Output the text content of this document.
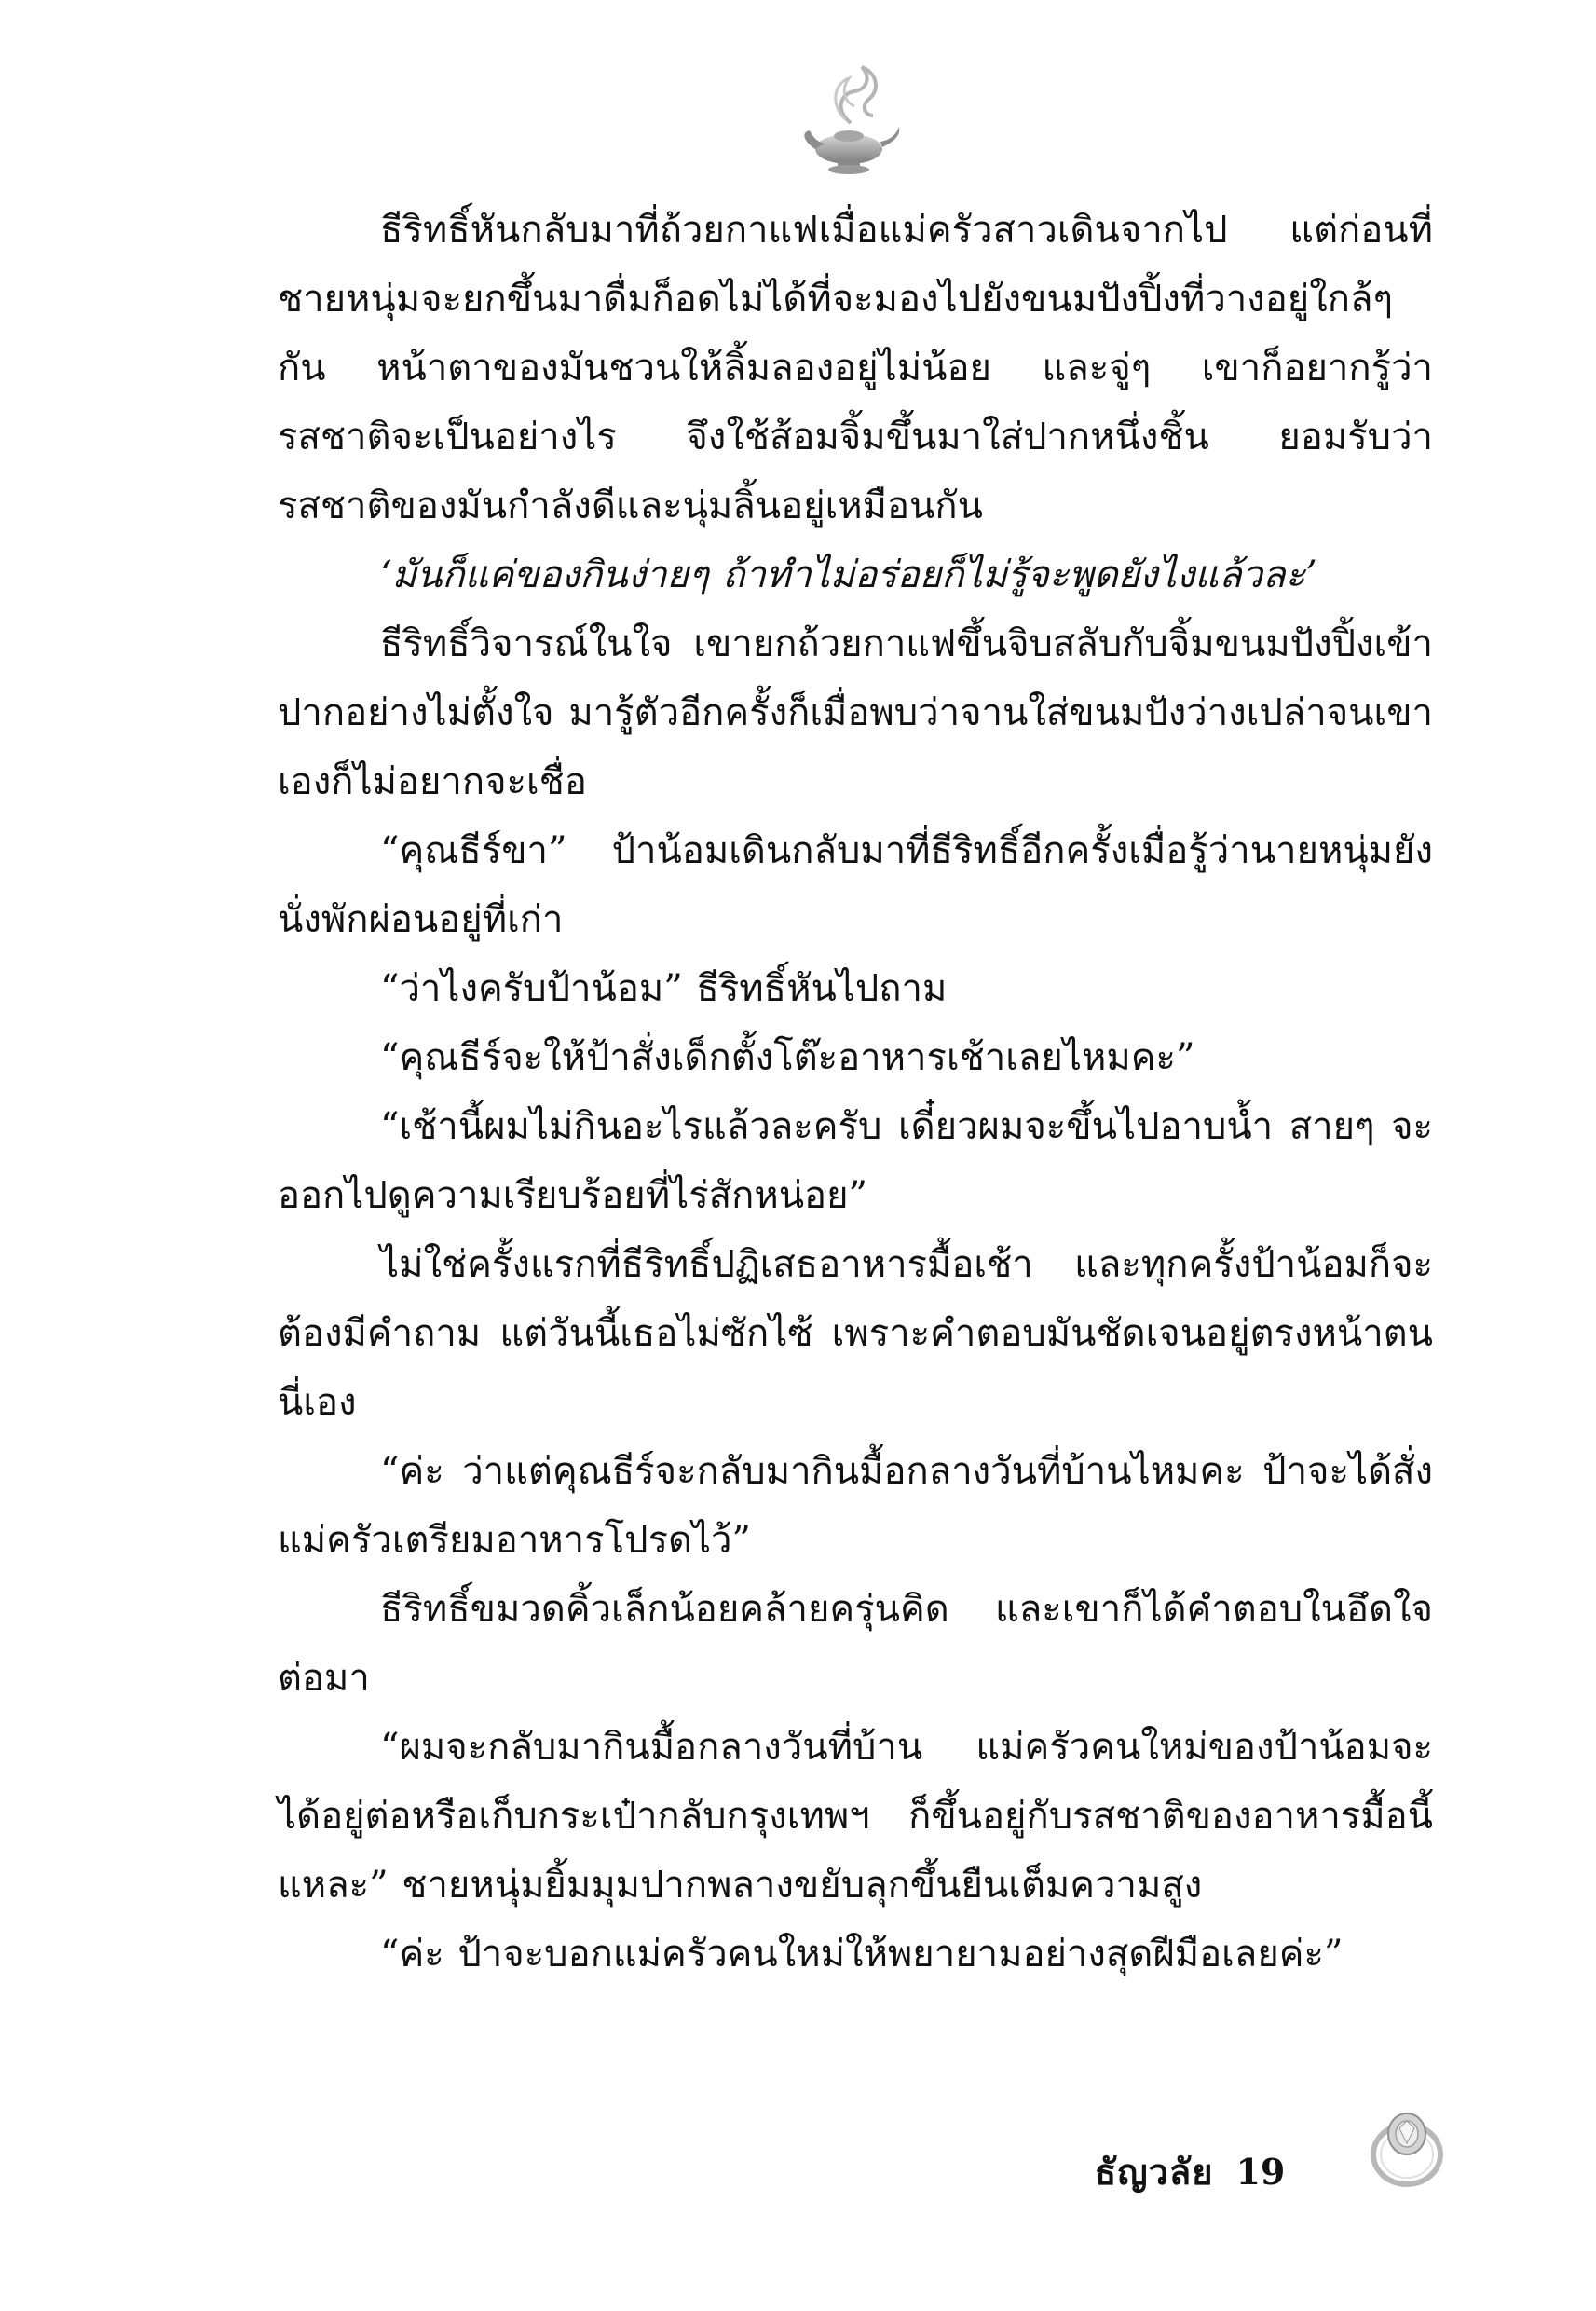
ธีริทธิ์หันกลับมาที่ถ้วยกาแฟเมื่อแม่ครัวสาวเดินจากไป แต่ก่อนที่ชายหนุ่มจะยกขึ้นมาดื่มก็อดไม่ได้ที่จะมองไปยังขนมปังปิ้งที่วางอยู่ใกล้ๆ กัน หน้าตาของมันชวนให้ลิ้มลองอยู่ไม่น้อย และจู่ๆ เขาก็อยากรู้ว่ารสชาติจะเป็นอย่างไร จึงใช้ส้อมจิ้มขึ้นมาใส่ปากหนึ่งชิ้น ยอมรับว่ารสชาติของมันกำลังดีและนุ่มลิ้นอยู่เหมือนกัน

‘มันก็แค่ของกินง่ายๆ ถ้าทำไม่อร่อยก็ไม่รู้จะพูดยังไงแล้วละ’

ธีริทธิ์วิจารณ์ในใจ เขายกถ้วยกาแฟขึ้นจิบสลับกับจิ้มขนมปังปิ้งเข้าปากอย่างไม่ตั้งใจ มารู้ตัวอีกครั้งก็เมื่อพบว่าจานใส่ขนมปังว่างเปล่าจนเขาเองก็ไม่อยากจะเชื่อ

“คุณธีร์ขา” ป้าน้อมเดินกลับมาที่ธีริทธิ์อีกครั้งเมื่อรู้ว่านายหนุ่มยังนั่งพักผ่อนอยู่ที่เก่า

“ว่าไงครับป้าน้อม” ธีริทธิ์หันไปถาม

“คุณธีร์จะให้ป้าสั่งเด็กตั้งโต๊ะอาหารเช้าเลยไหมคะ”

“เช้านี้ผมไม่กินอะไรแล้วละครับ เดี๋ยวผมจะขึ้นไปอาบน้ำ สายๆ จะออกไปดูความเรียบร้อยที่ไร่สักหน่อย”

ไม่ใช่ครั้งแรกที่ธีริทธิ์ปฏิเสธอาหารมื้อเช้า และทุกครั้งป้าน้อมก็จะต้องมีคำถาม แต่วันนี้เธอไม่ซักไซ้ เพราะคำตอบมันชัดเจนอยู่ตรงหน้าตนนี่เอง

“ค่ะ ว่าแต่คุณธีร์จะกลับมากินมื้อกลางวันที่บ้านไหมคะ ป้าจะได้สั่งแม่ครัวเตรียมอาหารโปรดไว้”

ธีริทธิ์ขมวดคิ้วเล็กน้อยคล้ายครุ่นคิด และเขาก็ได้คำตอบในอึดใจต่อมา

“ผมจะกลับมากินมื้อกลางวันที่บ้าน แม่ครัวคนใหม่ของป้าน้อมจะได้อยู่ต่อหรือเก็บกระเป๋ากลับกรุงเทพฯ ก็ขึ้นอยู่กับรสชาติของอาหารมื้อนี้แหละ” ชายหนุ่มยิ้มมุมปากพลางขยับลุกขึ้นยืนเต็มความสูง

“ค่ะ ป้าจะบอกแม่ครัวคนใหม่ให้พยายามอย่างสุดฝีมือเลยค่ะ”

ธัญวลัย 19
